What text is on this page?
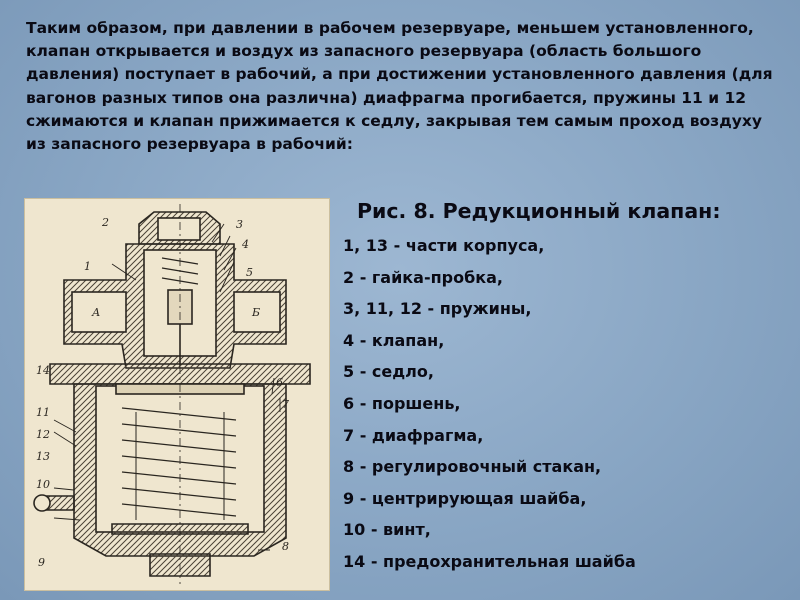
Таким образом, при давлении в рабочем резервуаре, меньшем установленного, клапан открывается и воздух из запасного резервуара (область большого давления) поступает в рабочий, а при достижении установленного давления (для вагонов разных типов она различна) диафрагма прогибается, пружины 11 и 12 сжимаются и клапан прижимается к седлу, закрывая тем самым проход воздуху из запасного резервуара в рабочий:

1
2	3
4
5
6
7
8
9
10
11
12
13
14
А	Б
Рис. 8. Редукционный клапан:
1, 13 - части корпуса,
2 - гайка-пробка,
3, 11, 12 - пружины,
4 - клапан,
5 - седло,
6 - поршень,
7 - диафрагма,
8 - регулировочный стакан,
9 - центрирующая шайба,
10 - винт,
14 - предохранительная шайба
